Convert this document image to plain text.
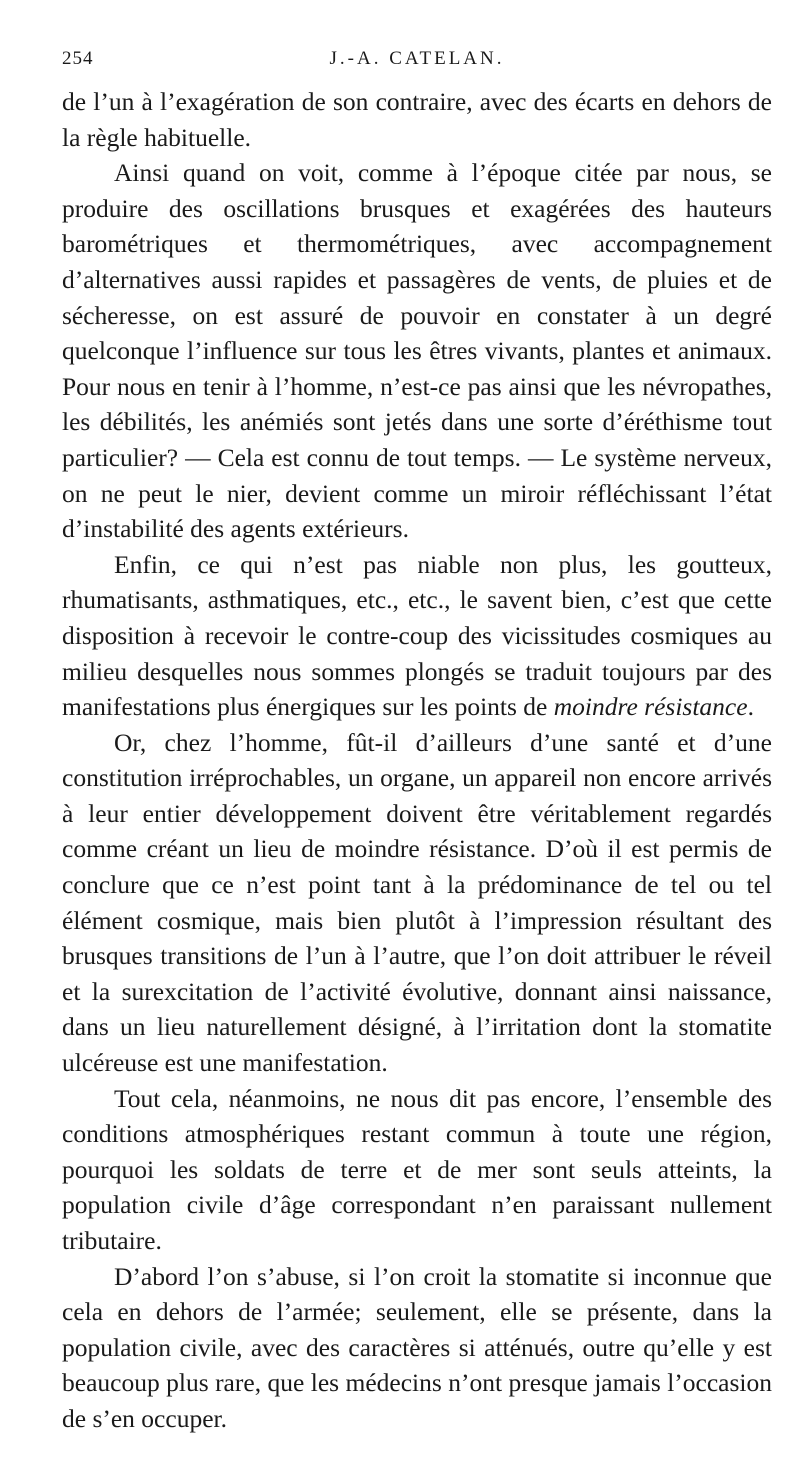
254	J.-A. CATELAN.

de l’un à l’exagération de son contraire, avec des écarts en dehors de la règle habituelle.

Ainsi quand on voit, comme à l’époque citée par nous, se produire des oscillations brusques et exagérées des hauteurs barométriques et thermométriques, avec accompagnement d’alternatives aussi rapides et passagères de vents, de pluies et de sécheresse, on est assuré de pouvoir en constater à un degré quelconque l’influence sur tous les êtres vivants, plantes et animaux. Pour nous en tenir à l’homme, n’est-ce pas ainsi que les névropathes, les débilités, les anémiés sont jetés dans une sorte d’éréthisme tout particulier? — Cela est connu de tout temps. — Le système nerveux, on ne peut le nier, devient comme un miroir réfléchissant l’état d’instabilité des agents extérieurs.

Enfin, ce qui n’est pas niable non plus, les goutteux, rhumatisants, asthmatiques, etc., etc., le savent bien, c’est que cette disposition à recevoir le contre-coup des vicissitudes cosmiques au milieu desquelles nous sommes plongés se traduit toujours par des manifestations plus énergiques sur les points de moindre résistance.

Or, chez l’homme, fût-il d’ailleurs d’une santé et d’une constitution irréprochables, un organe, un appareil non encore arrivés à leur entier développement doivent être véritablement regardés comme créant un lieu de moindre résistance. D’où il est permis de conclure que ce n’est point tant à la prédominance de tel ou tel élément cosmique, mais bien plutôt à l’impression résultant des brusques transitions de l’un à l’autre, que l’on doit attribuer le réveil et la surexcitation de l’activité évolutive, donnant ainsi naissance, dans un lieu naturellement désigné, à l’irritation dont la stomatite ulcéreuse est une manifestation.

Tout cela, néanmoins, ne nous dit pas encore, l’ensemble des conditions atmosphériques restant commun à toute une région, pourquoi les soldats de terre et de mer sont seuls atteints, la population civile d’âge correspondant n’en paraissant nullement tributaire.

D’abord l’on s’abuse, si l’on croit la stomatite si inconnue que cela en dehors de l’armée; seulement, elle se présente, dans la population civile, avec des caractères si atténués, outre qu’elle y est beaucoup plus rare, que les médecins n’ont presque jamais l’occasion de s’en occuper.
